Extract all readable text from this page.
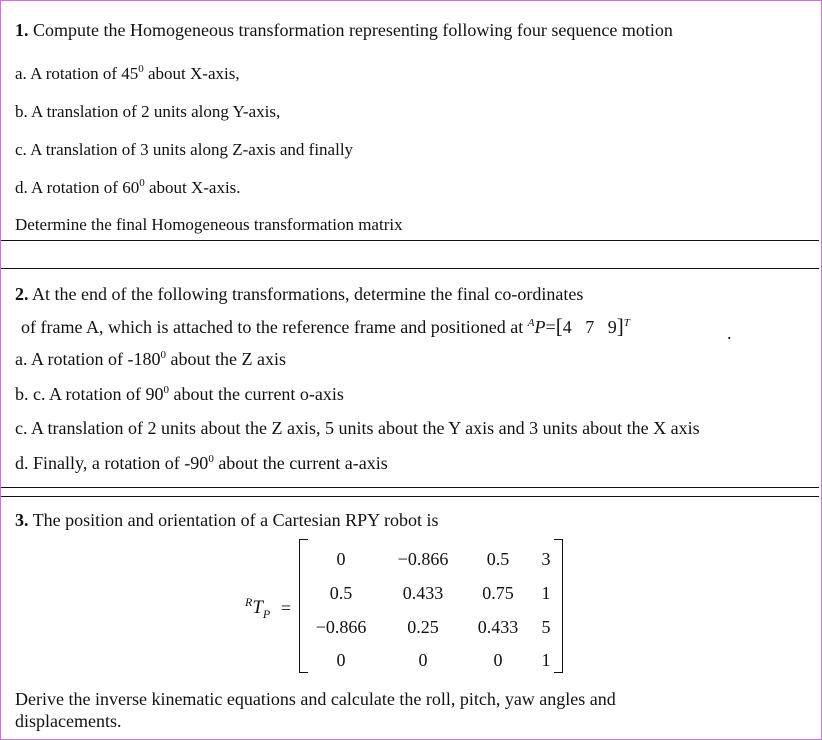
1. Compute the Homogeneous transformation representing following four sequence motion
a. A rotation of $45^0$ about X-axis,
b. A translation of 2 units along Y-axis,
c. A translation of 3 units along Z-axis and finally
d. A rotation of $60^0$ about X-axis.
Determine the final Homogeneous transformation matrix
2. At the end of the following transformations, determine the final co-ordinates
of frame A, which is attached to the reference frame and positioned at $^A$P=[4 7 9]$^T$	.
a. A rotation of $-180^0$ about the Z axis
b. c. A rotation of $90^0$ about the current o-axis
c. A translation of 2 units about the Z axis, 5 units about the Y axis and 3 units about the X axis
d. Finally, a rotation of $-90^0$ about the current a-axis
3. The position and orientation of a Cartesian RPY robot is
$^RT_P$ =
0	−0.866	0.5	3
0.5	0.433	0.75	1
−0.866	0.25	0.433	5
0	0	0	1
Derive the inverse kinematic equations and calculate the roll, pitch, yaw angles and
displacements.
